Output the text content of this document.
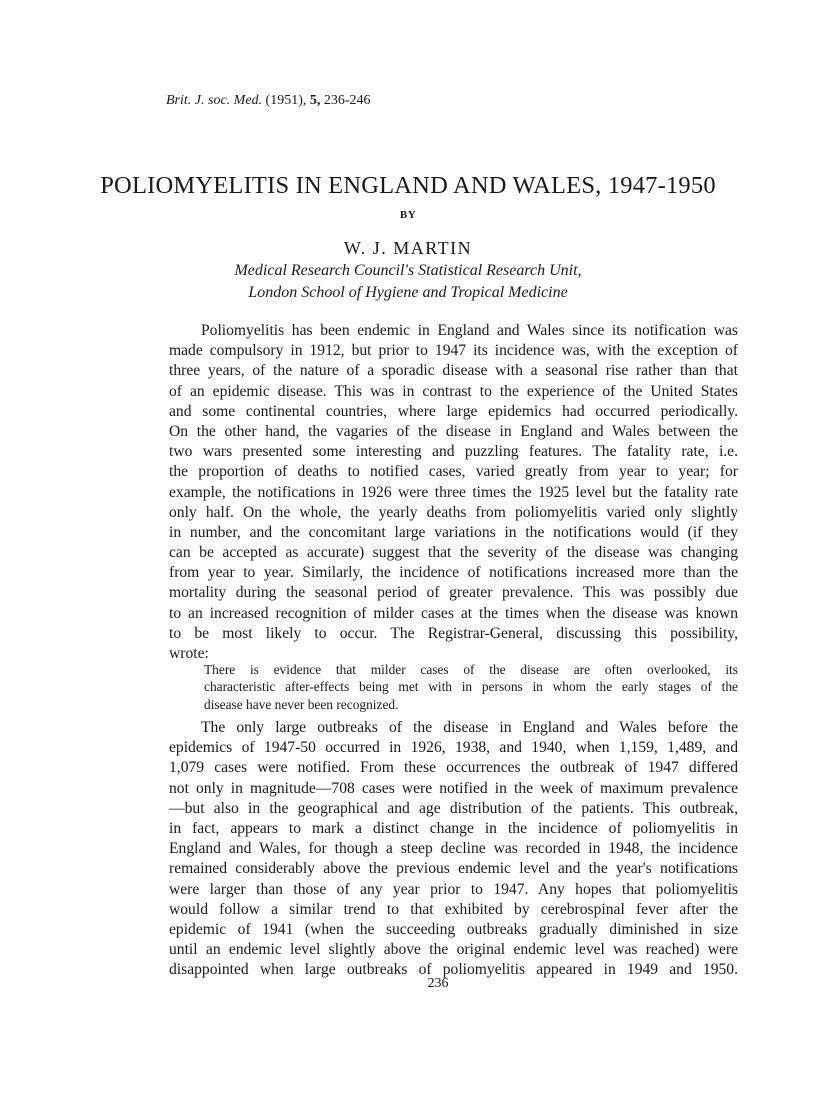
Brit. J. soc. Med. (1951), 5, 236-246
POLIOMYELITIS IN ENGLAND AND WALES, 1947-1950
BY
W. J. MARTIN
Medical Research Council's Statistical Research Unit,
London School of Hygiene and Tropical Medicine
Poliomyelitis has been endemic in England and Wales since its notification was
made compulsory in 1912, but prior to 1947 its incidence was, with the exception of
three years, of the nature of a sporadic disease with a seasonal rise rather than that
of an epidemic disease. This was in contrast to the experience of the United States
and some continental countries, where large epidemics had occurred periodically.
On the other hand, the vagaries of the disease in England and Wales between the
two wars presented some interesting and puzzling features. The fatality rate, i.e.
the proportion of deaths to notified cases, varied greatly from year to year; for
example, the notifications in 1926 were three times the 1925 level but the fatality rate
only half. On the whole, the yearly deaths from poliomyelitis varied only slightly
in number, and the concomitant large variations in the notifications would (if they
can be accepted as accurate) suggest that the severity of the disease was changing
from year to year. Similarly, the incidence of notifications increased more than the
mortality during the seasonal period of greater prevalence. This was possibly due
to an increased recognition of milder cases at the times when the disease was known
to be most likely to occur. The Registrar-General, discussing this possibility,
wrote:
There is evidence that milder cases of the disease are often overlooked, its
characteristic after-effects being met with in persons in whom the early stages of the
disease have never been recognized.
The only large outbreaks of the disease in England and Wales before the
epidemics of 1947-50 occurred in 1926, 1938, and 1940, when 1,159, 1,489, and
1,079 cases were notified. From these occurrences the outbreak of 1947 differed
not only in magnitude—708 cases were notified in the week of maximum prevalence
—but also in the geographical and age distribution of the patients. This outbreak,
in fact, appears to mark a distinct change in the incidence of poliomyelitis in
England and Wales, for though a steep decline was recorded in 1948, the incidence
remained considerably above the previous endemic level and the year's notifications
were larger than those of any year prior to 1947. Any hopes that poliomyelitis
would follow a similar trend to that exhibited by cerebrospinal fever after the
epidemic of 1941 (when the succeeding outbreaks gradually diminished in size
until an endemic level slightly above the original endemic level was reached) were
disappointed when large outbreaks of poliomyelitis appeared in 1949 and 1950.
236
